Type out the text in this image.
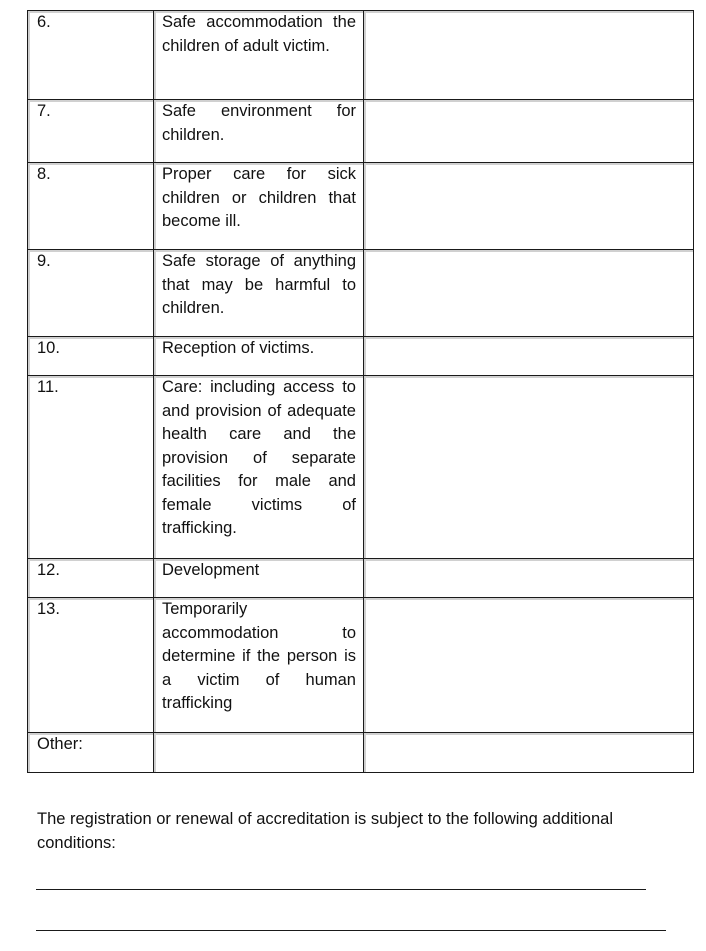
6.	Safe accommodation the children of adult victim.	

7.	Safe environment for children.	

8.	Proper care for sick children or children that become ill.	

9.	Safe storage of anything that may be harmful to children.	

10.	Reception of victims.	

11.	Care: including access to and provision of adequate health care and the provision of separate facilities for male and female victims of trafficking.	

12.	Development	

13.	Temporarily accommodation to determine if the person is a victim of human trafficking	

Other:		

The registration or renewal of accreditation is subject to the following additional conditions:
